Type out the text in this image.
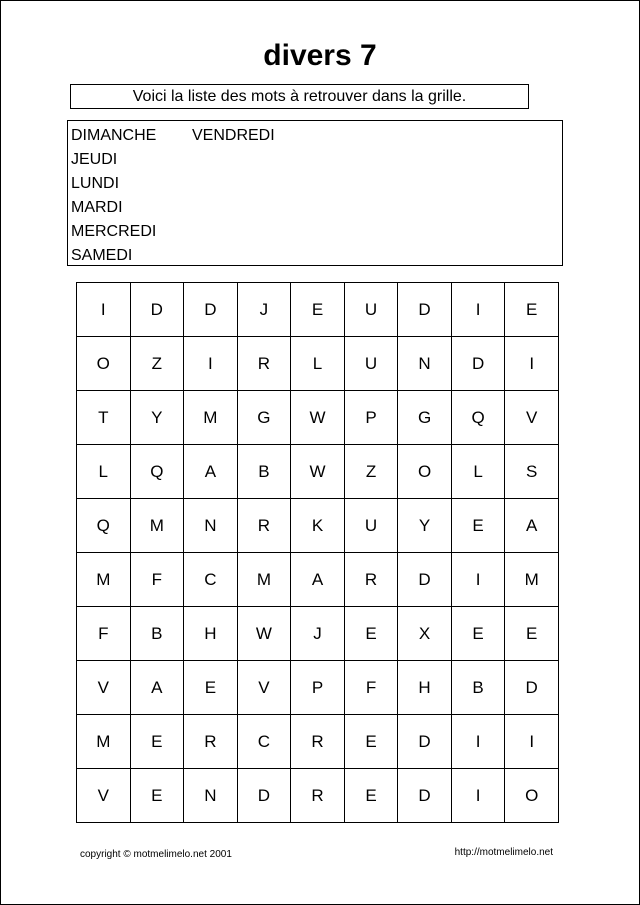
divers 7
Voici la liste des mots à retrouver dans la grille.
DIMANCHE
JEUDI
LUNDI
MARDI
MERCREDI
SAMEDI
VENDREDI
I	D	D	J	E	U	D	I	E
O	Z	I	R	L	U	N	D	I
T	Y	M	G	W	P	G	Q	V
L	Q	A	B	W	Z	O	L	S
Q	M	N	R	K	U	Y	E	A
M	F	C	M	A	R	D	I	M
F	B	H	W	J	E	X	E	E
V	A	E	V	P	F	H	B	D
M	E	R	C	R	E	D	I	I
V	E	N	D	R	E	D	I	O
copyright © motmelimelo.net 2001	http://motmelimelo.net
